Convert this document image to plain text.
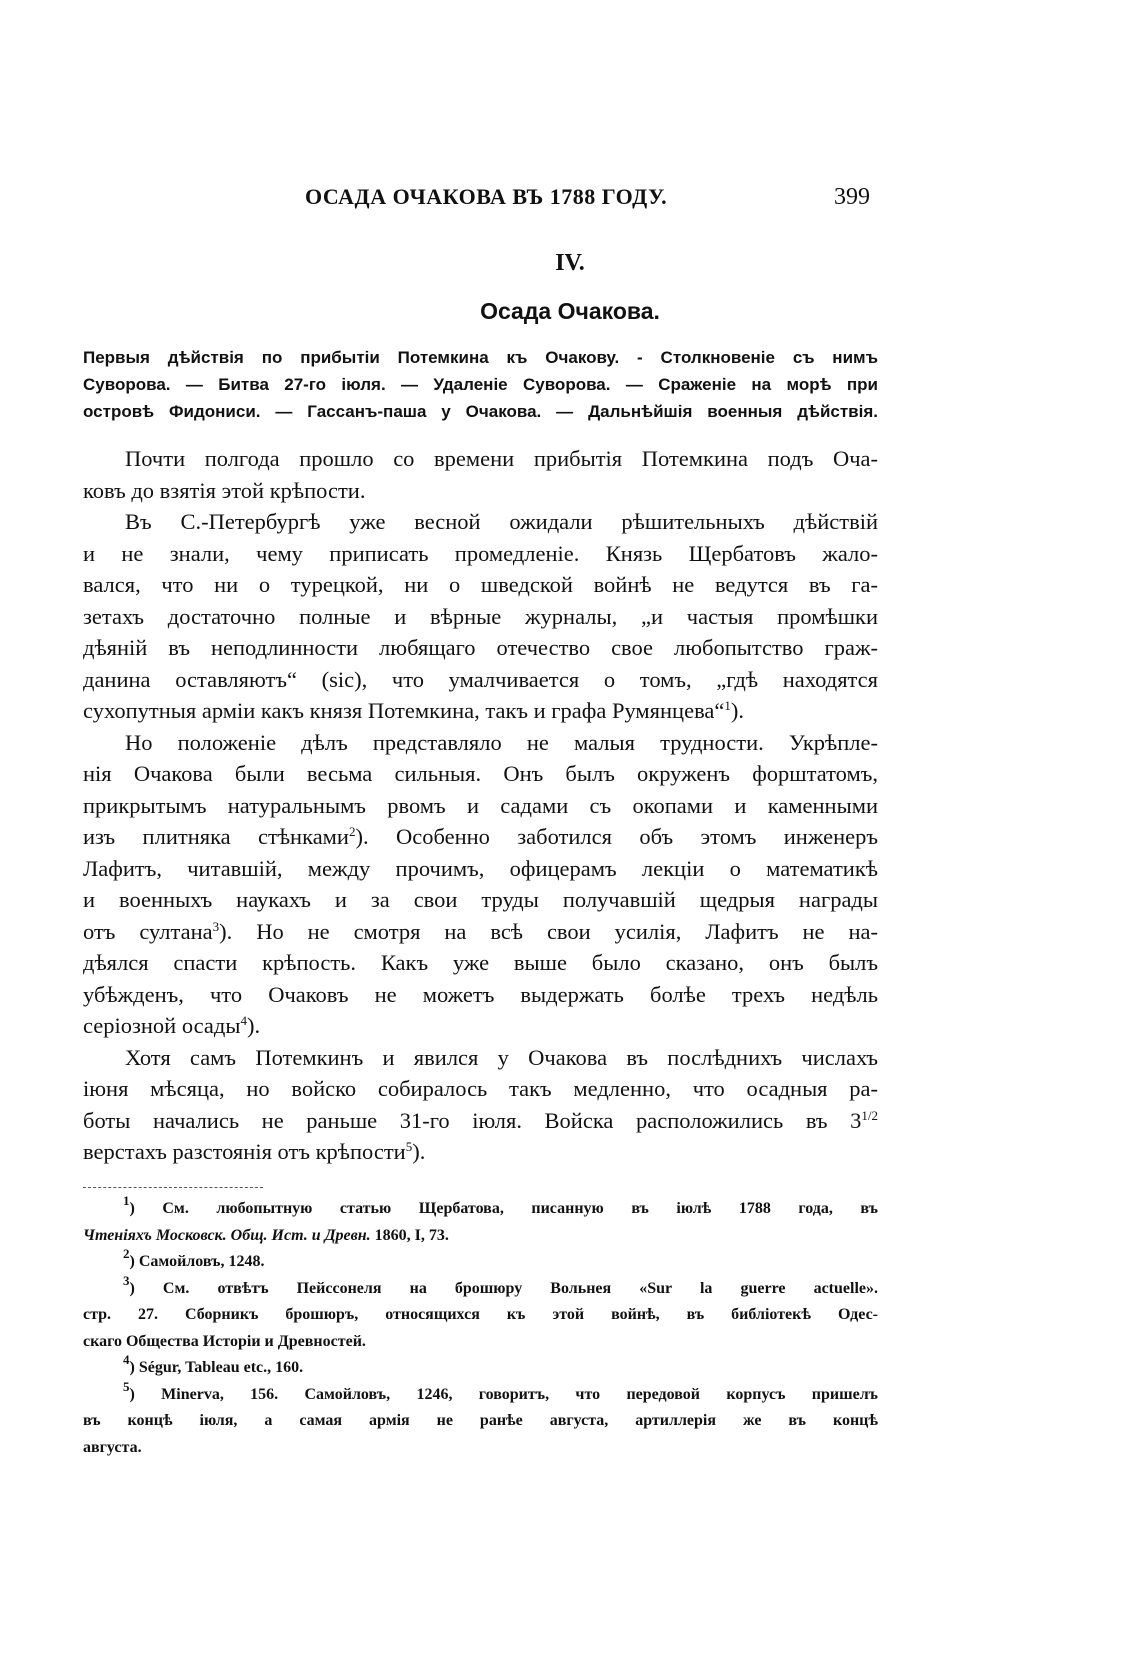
ОСАДА ОЧАКОВА ВЪ 1788 ГОДУ.	399
IV.
Осада Очакова.
Первыя дѣйствія по прибытіи Потемкина къ Очакову. - Столкновеніе съ нимъ
Суворова. — Битва 27-го іюля. — Удаленіе Суворова. — Сраженіе на морѣ при
островѣ Фидониси. — Гассанъ-паша у Очакова. — Дальнѣйшія военныя дѣйствія.
Почти полгода прошло со времени прибытія Потемкина подъ Оча-
ковъ до взятія этой крѣпости.
Въ С.-Петербургѣ уже весной ожидали рѣшительныхъ дѣйствій
и не знали, чему приписать промедленіе. Князь Щербатовъ жало-
вался, что ни о турецкой, ни о шведской войнѣ не ведутся въ га-
зетахъ достаточно полные и вѣрные журналы, „и частыя промѣшки
дѣяній въ неподлинности любящаго отечество свое любопытство граж-
данина оставляютъ“ (sic), что умалчивается о томъ, „гдѣ находятся
сухопутныя арміи какъ князя Потемкина, такъ и графа Румянцева“$^1$).
Но положеніе дѣлъ представляло не малыя трудности. Укрѣпле-
нія Очакова были весьма сильныя. Онъ былъ окруженъ форштатомъ,
прикрытымъ натуральнымъ рвомъ и садами съ окопами и каменными
изъ плитняка стѣнками$^2$). Особенно заботился объ этомъ инженеръ
Лафитъ, читавшій, между прочимъ, офицерамъ лекціи о математикѣ
и военныхъ наукахъ и за свои труды получавшій щедрыя награды
отъ султана$^3$). Но не смотря на всѣ свои усилія, Лафитъ не на-
дѣялся спасти крѣпость. Какъ уже выше было сказано, онъ былъ
убѣжденъ, что Очаковъ не можетъ выдержать болѣе трехъ недѣль
серіозной осады$^4$).
Хотя самъ Потемкинъ и явился у Очакова въ послѣднихъ числахъ
іюня мѣсяца, но войско собиралось такъ медленно, что осадныя ра-
боты начались не раньше 31-го іюля. Войска расположились въ $3^{1/2}$
верстахъ разстоянія отъ крѣпости$^5$).
$^1$) См. любопытную статью Щербатова, писанную въ іюлѣ 1788 года, въ
Чтеніяхъ Московск. Общ. Ист. и Древн. 1860, I, 73.
$^2$) Самойловъ, 1248.
$^3$) См. отвѣтъ Пейссонеля на брошюру Вольнея «Sur la guerre actuelle».
стр. 27. Сборникъ брошюръ, относящихся къ этой войнѣ, въ библіотекѣ Одес-
скаго Общества Исторіи и Древностей.
$^4$) Ségur, Tableau etc., 160.
$^5$) Minerva, 156. Самойловъ, 1246, говоритъ, что передовой корпусъ пришелъ
въ концѣ іюля, а самая армія не ранѣе августа, артиллерія же въ концѣ
августа.
